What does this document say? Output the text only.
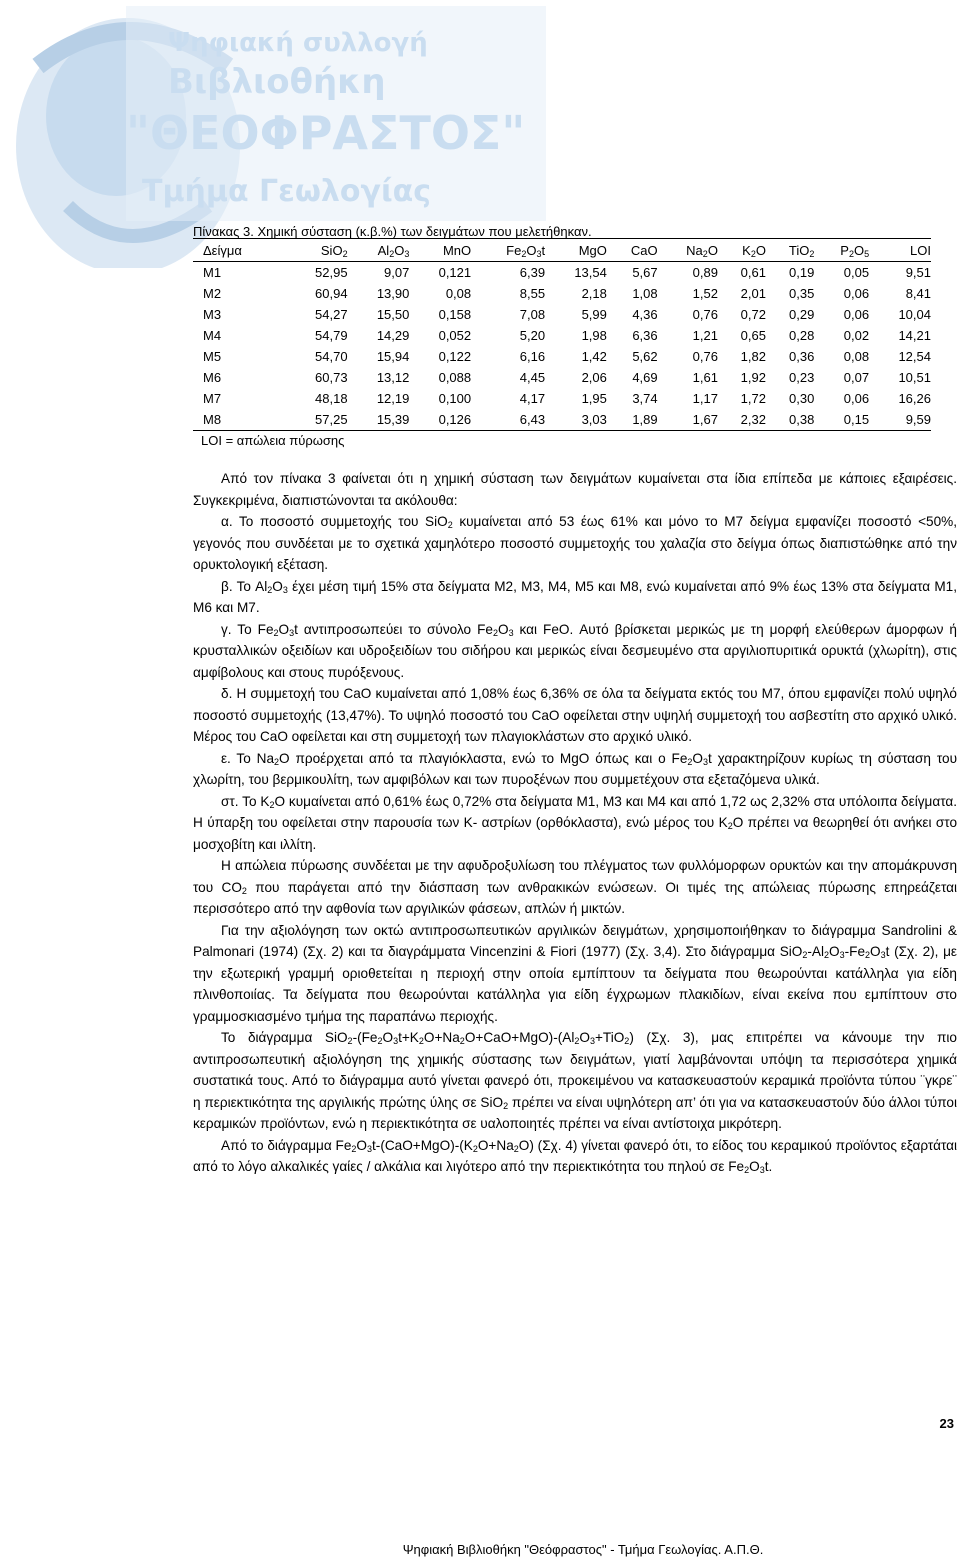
Ψηφιακή συλλογή
Βιβλιοθήκη
"ΘΕΟΦΡΑΣΤΟΣ"
Τμήμα Γεωλογίας
Πίνακας 3. Χημική σύσταση (κ.β.%) των δειγμάτων που μελετήθηκαν.
Δείγμα	SiO$_2$	$Al_2O_3$	MnO	$Fe_2O_3t$	MgO	CaO	$Na_2O$	$K_2O$	TiO$_2$	$P_2O_5$	LOI
M1	52,95	9,07	0,121	6,39	13,54	5,67	0,89	0,61	0,19	0,05	9,51
M2	60,94	13,90	0,08	8,55	2,18	1,08	1,52	2,01	0,35	0,06	8,41
M3	54,27	15,50	0,158	7,08	5,99	4,36	0,76	0,72	0,29	0,06	10,04
M4	54,79	14,29	0,052	5,20	1,98	6,36	1,21	0,65	0,28	0,02	14,21
M5	54,70	15,94	0,122	6,16	1,42	5,62	0,76	1,82	0,36	0,08	12,54
M6	60,73	13,12	0,088	4,45	2,06	4,69	1,61	1,92	0,23	0,07	10,51
M7	48,18	12,19	0,100	4,17	1,95	3,74	1,17	1,72	0,30	0,06	16,26
M8	57,25	15,39	0,126	6,43	3,03	1,89	1,67	2,32	0,38	0,15	9,59
LOI = απώλεια πύρωσης

Από τον πίνακα 3 φαίνεται ότι η χημική σύσταση των δειγμάτων κυμαίνεται στα ίδια επίπεδα με κάποιες εξαιρέσεις. Συγκεκριμένα, διαπιστώνονται τα ακόλουθα:

α. Το ποσοστό συμμετοχής του SiO$_2$ κυμαίνεται από 53 έως 61% και μόνο το Μ7 δείγμα εμφανίζει ποσοστό <50%, γεγονός που συνδέεται με το σχετικά χαμηλότερο ποσοστό συμμετοχής του χαλαζία στο δείγμα όπως διαπιστώθηκε από την ορυκτολογική εξέταση.

β. Το $Al_2O_3$ έχει μέση τιμή 15% στα δείγματα Μ2, Μ3, Μ4, Μ5 και Μ8, ενώ κυμαίνεται από 9% έως 13% στα δείγματα Μ1, Μ6 και Μ7.

γ. Το $Fe_2O_3t$ αντιπροσωπεύει το σύνολο $Fe_2O_3$ και FeO. Αυτό βρίσκεται μερικώς με τη μορφή ελεύθερων άμορφων ή κρυσταλλικών οξειδίων και υδροξειδίων του σιδήρου και μερικώς είναι δεσμευμένο στα αργιλιοπυριτικά ορυκτά (χλωρίτη), στις αμφίβολους και στους πυρόξενους.

δ. Η συμμετοχή του CaO κυμαίνεται από 1,08% έως 6,36% σε όλα τα δείγματα εκτός του Μ7, όπου εμφανίζει πολύ υψηλό ποσοστό συμμετοχής (13,47%). Το υψηλό ποσοστό του CaO οφείλεται στην υψηλή συμμετοχή του ασβεστίτη στο αρχικό υλικό. Μέρος του CaO οφείλεται και στη συμμετοχή των πλαγιοκλάστων στο αρχικό υλικό.

ε. Το $Na_2O$ προέρχεται από τα πλαγιόκλαστα, ενώ το MgO όπως και ο $Fe_2O_3t$ χαρακτηρίζουν κυρίως τη σύσταση του χλωρίτη, του βερμικουλίτη, των αμφιβόλων και των πυροξένων που συμμετέχουν στα εξεταζόμενα υλικά.

στ. Το $K_2O$ κυμαίνεται από 0,61% έως 0,72% στα δείγματα Μ1, Μ3 και Μ4 και από 1,72 ως 2,32% στα υπόλοιπα δείγματα. Η ύπαρξη του οφείλεται στην παρουσία των K- αστρίων (ορθόκλαστα), ενώ μέρος του $K_2O$ πρέπει να θεωρηθεί ότι ανήκει στο μοσχοβίτη και ιλλίτη.

Η απώλεια πύρωσης συνδέεται με την αφυδροξυλίωση του πλέγματος των φυλλόμορφων ορυκτών και την απομάκρυνση του $CO_2$ που παράγεται από την διάσπαση των ανθρακικών ενώσεων. Οι τιμές της απώλειας πύρωσης επηρεάζεται περισσότερο από την αφθονία των αργιλικών φάσεων, απλών ή μικτών.

Για την αξιολόγηση των οκτώ αντιπροσωπευτικών αργιλικών δειγμάτων, χρησιμοποιήθηκαν το διάγραμμα Sandrolini & Palmonari (1974) (Σχ. 2) και τα διαγράμματα Vincenzini & Fiori (1977) (Σχ. 3,4). Στο διάγραμμα $SiO_2-Al_2O_3-Fe_2O_3t$ (Σχ. 2), με την εξωτερική γραμμή οριοθετείται η περιοχή στην οποία εμπίπτουν τα δείγματα που θεωρούνται κατάλληλα για είδη πλινθοποιίας. Τα δείγματα που θεωρούνται κατάλληλα για είδη έγχρωμων πλακιδίων, είναι εκείνα που εμπίπτουν στο γραμμοσκιασμένο τμήμα της παραπάνω περιοχής.

Το διάγραμμα $SiO_2-(Fe_2O_3t+K_2O+Na_2O+CaO+MgO)-(Al_2O_3+TiO_2)$ (Σχ. 3), μας επιτρέπει να κάνουμε την πιο αντιπροσωπευτική αξιολόγηση της χημικής σύστασης των δειγμάτων, γιατί λαμβάνονται υπόψη τα περισσότερα χημικά συστατικά τους. Από το διάγραμμα αυτό γίνεται φανερό ότι, προκειμένου να κατασκευαστούν κεραμικά προϊόντα τύπου ¨γκρε¨ η περιεκτικότητα της αργιλικής πρώτης ύλης σε SiO$_2$ πρέπει να είναι υψηλότερη απ’ ότι για να κατασκευαστούν δύο άλλοι τύποι κεραμικών προϊόντων, ενώ η περιεκτικότητα σε υαλοποιητές πρέπει να είναι αντίστοιχα μικρότερη.

Από το διάγραμμα $Fe_2O_3t-(CaO+MgO)-(K_2O+Na_2O)$ (Σχ. 4) γίνεται φανερό ότι, το είδος του κεραμικού προϊόντος εξαρτάται από το λόγο αλκαλικές γαίες / αλκάλια και λιγότερο από την περιεκτικότητα του πηλού σε $Fe_2O_3t$.

23
Ψηφιακή Βιβλιοθήκη "Θεόφραστος" - Τμήμα Γεωλογίας. Α.Π.Θ.
